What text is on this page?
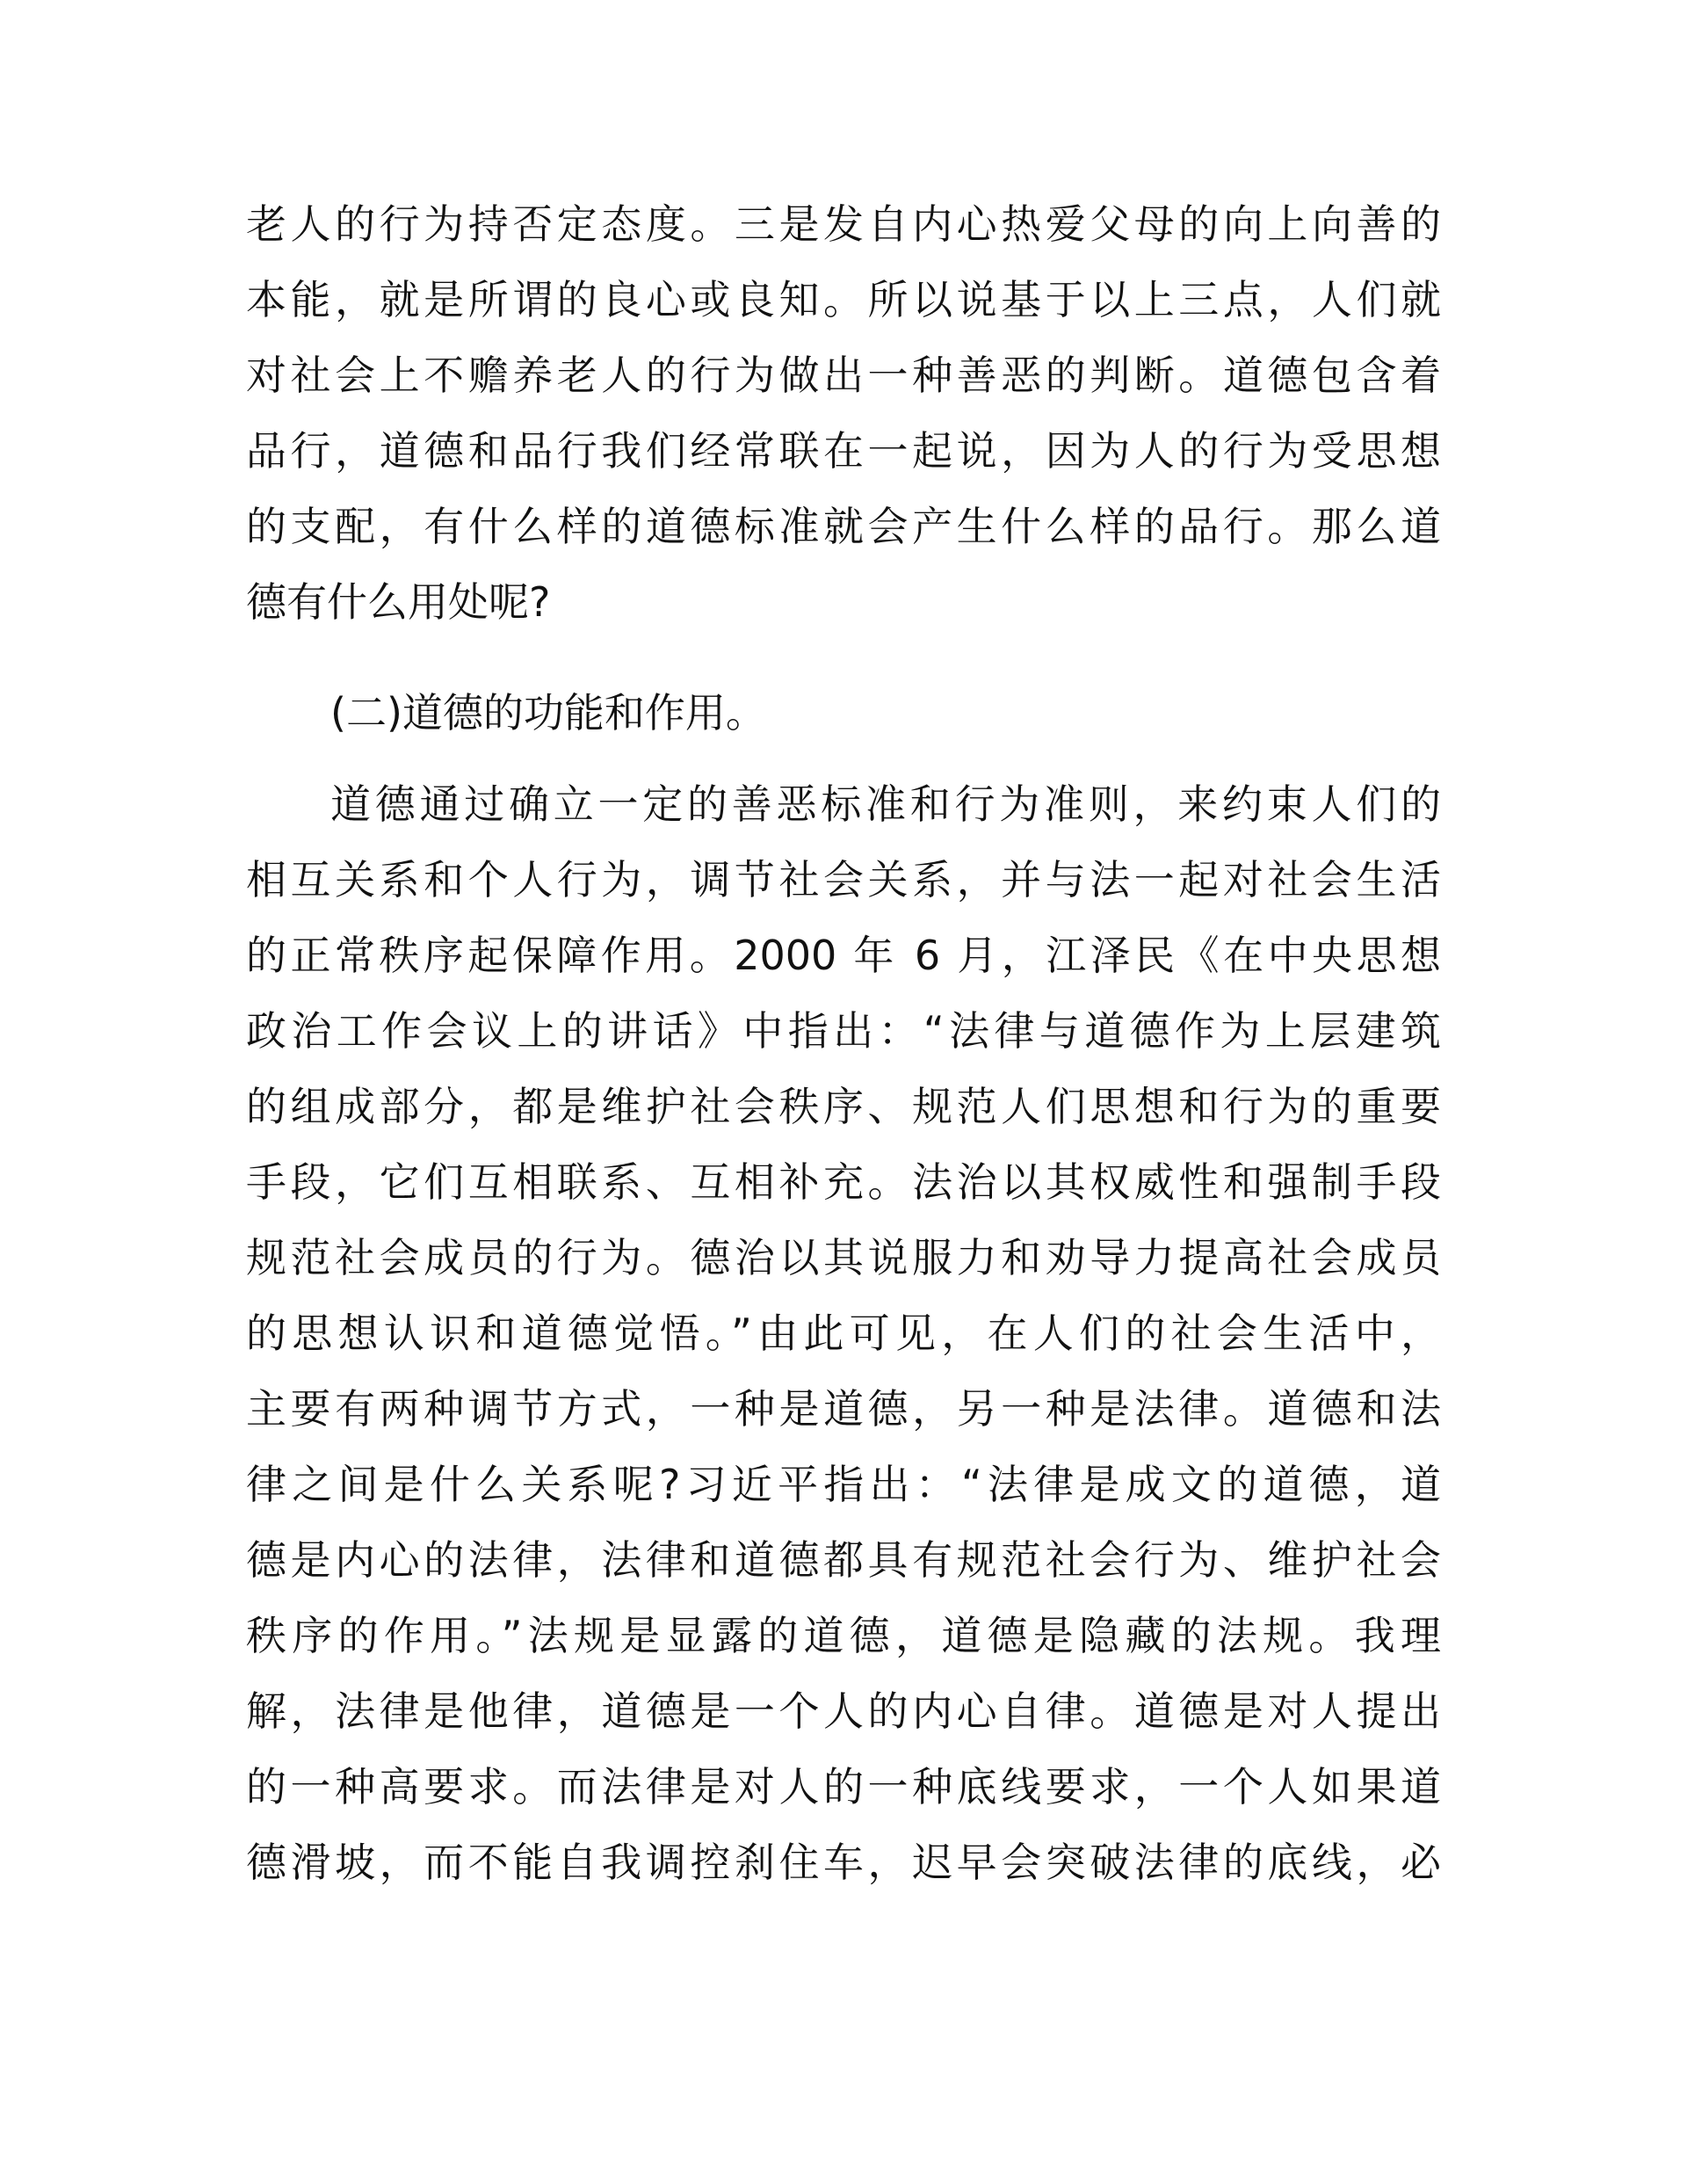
老人的行为持否定态度。三是发自内心热爱父母的向上向善的
本能，就是所谓的良心或良知。所以说基于以上三点，人们就
对社会上不赡养老人的行为做出一种善恶的判断。道德包含着
品行，道德和品行我们经常联在一起说，因为人的行为受思想
的支配，有什么样的道德标准就会产生什么样的品行。那么道
德有什么用处呢?
(二)道德的功能和作用。
道德通过确立一定的善恶标准和行为准则，来约束人们的
相互关系和个人行为，调节社会关系，并与法一起对社会生活
的正常秩序起保障作用。2000 年 6 月，江泽民《在中央思想
政治工作会议上的讲话》中指出：“法律与道德作为上层建筑
的组成部分，都是维护社会秩序、规范人们思想和行为的重要
手段，它们互相联系、互相补充。法治以其权威性和强制手段
规范社会成员的行为。德治以其说服力和劝导力提高社会成员
的思想认识和道德觉悟。”由此可见，在人们的社会生活中，
主要有两种调节方式，一种是道德，另一种是法律。道德和法
律之间是什么关系呢?习近平指出：“法律是成文的道德，道
德是内心的法律，法律和道德都具有规范社会行为、维护社会
秩序的作用。”法规是显露的道德，道德是隐藏的法规。我理
解，法律是他律，道德是一个人的内心自律。道德是对人提出
的一种高要求。而法律是对人的一种底线要求，一个人如果道
德滑坡，而不能自我调控刹住车，迟早会突破法律的底线，必
